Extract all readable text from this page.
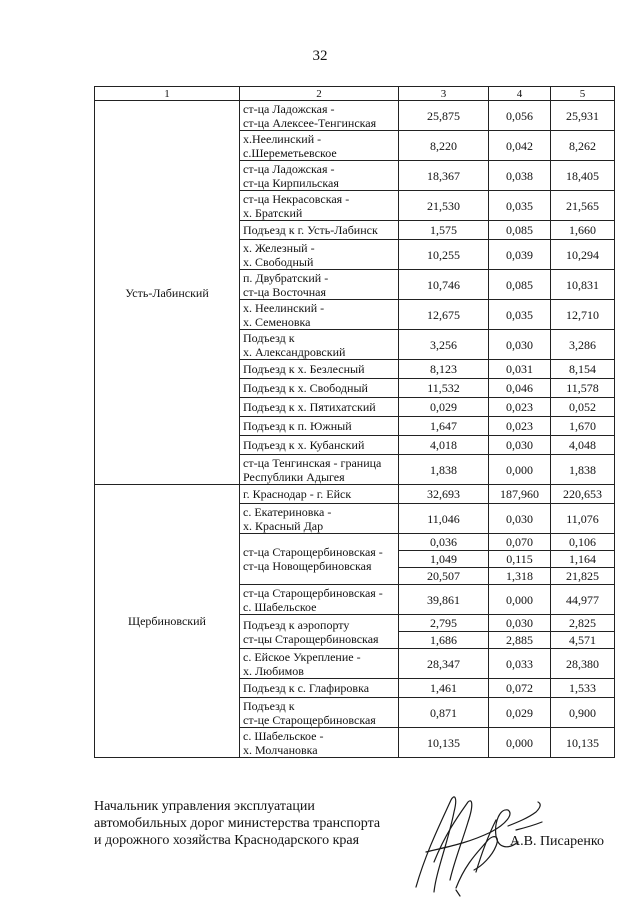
32
1	2	3	4	5
Усть-Лабинский	ст-ца Ладожская -
ст-ца Алексее-Тенгинская	25,875	0,056	25,931

	х.Неелинский -
с.Шереметьевское	8,220	0,042	8,262

	ст-ца Ладожская -
ст-ца Кирпильская	18,367	0,038	18,405

	ст-ца Некрасовская -
х. Братский	21,530	0,035	21,565

	Подъезд к г. Усть-Лабинск	1,575	0,085	1,660

	х. Железный -
х. Свободный	10,255	0,039	10,294

	п. Двубратский -
ст-ца Восточная	10,746	0,085	10,831

	х. Неелинский -
х. Семеновка	12,675	0,035	12,710

	Подъезд к
х. Александровский	3,256	0,030	3,286

	Подъезд к х. Безлесный	8,123	0,031	8,154

	Подъезд к х. Свободный	11,532	0,046	11,578

	Подъезд к х. Пятихатский	0,029	0,023	0,052

	Подъезд к п. Южный	1,647	0,023	1,670

	Подъезд к х. Кубанский	4,018	0,030	4,048

	ст-ца Тенгинская - граница
Республики Адыгея	1,838	0,000	1,838
Щербиновский	г. Краснодар - г. Ейск	32,693	187,960	220,653

	с. Екатериновка -
х. Красный Дар	11,046	0,030	11,076

	ст-ца Старощербиновская -
ст-ца Новощербиновская	0,036	0,070	0,106
		1,049	0,115	1,164
		20,507	1,318	21,825

	ст-ца Старощербиновская -
с. Шабельское	39,861	0,000	44,977

	Подъезд к аэропорту
ст-цы Старощербиновская	2,795	0,030	2,825
		1,686	2,885	4,571

	с. Ейское Укрепление -
х. Любимов	28,347	0,033	28,380

	Подъезд к с. Глафировка	1,461	0,072	1,533

	Подъезд к
ст-це Старощербиновская	0,871	0,029	0,900

	с. Шабельское -
х. Молчановка	10,135	0,000	10,135
Начальник управления эксплуатации
автомобильных дорог министерства транспорта
и дорожного хозяйства Краснодарского края	А.В. Писаренко
